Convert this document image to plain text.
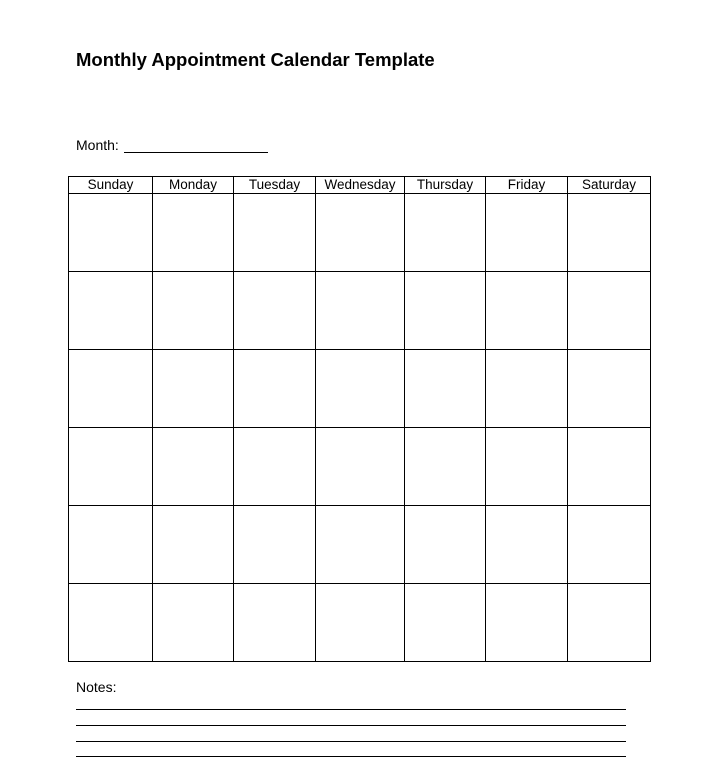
Monthly Appointment Calendar Template
Month:
Sunday	Monday	Tuesday	Wednesday	Thursday	Friday	Saturday

Notes:
